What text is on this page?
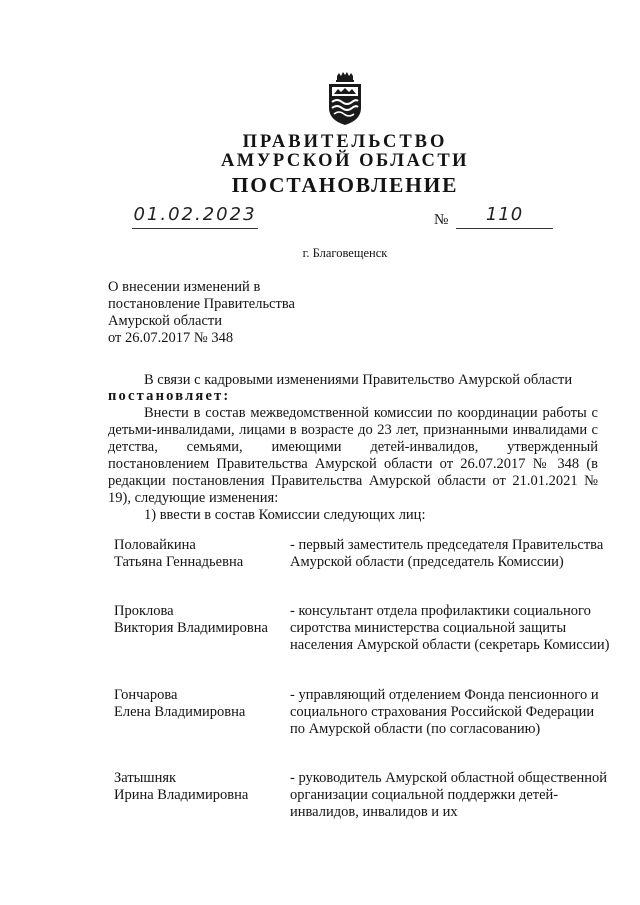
ПРАВИТЕЛЬСТВО
АМУРСКОЙ ОБЛАСТИ
ПОСТАНОВЛЕНИЕ
01.02.2023	№	110
г. Благовещенск
О внесении изменений в
постановление Правительства
Амурской области
от 26.07.2017 № 348
В связи с кадровыми изменениями Правительство Амурской области
постановляет:
Внести в состав межведомственной комиссии по координации работы с детьми-инвалидами, лицами в возрасте до 23 лет, признанными инвалидами с детства, семьями, имеющими детей-инвалидов, утвержденный постановлением Правительства Амурской области от 26.07.2017 № 348 (в редакции постановления Правительства Амурской области от 21.01.2021 № 19), следующие изменения:
1) ввести в состав Комиссии следующих лиц:
Половайкина
Татьяна Геннадьевна
- первый заместитель председателя Правительства Амурской области (председатель Комиссии)
Проклова
Виктория Владимировна
- консультант отдела профилактики социального сиротства министерства социальной защиты населения Амурской области (секретарь Комиссии)
Гончарова
Елена Владимировна
- управляющий отделением Фонда пенсионного и социального страхования Российской Федерации по Амурской области (по согласованию)
Затышняк
Ирина Владимировна
- руководитель Амурской областной общественной организации социальной поддержки детей-инвалидов, инвалидов и их
